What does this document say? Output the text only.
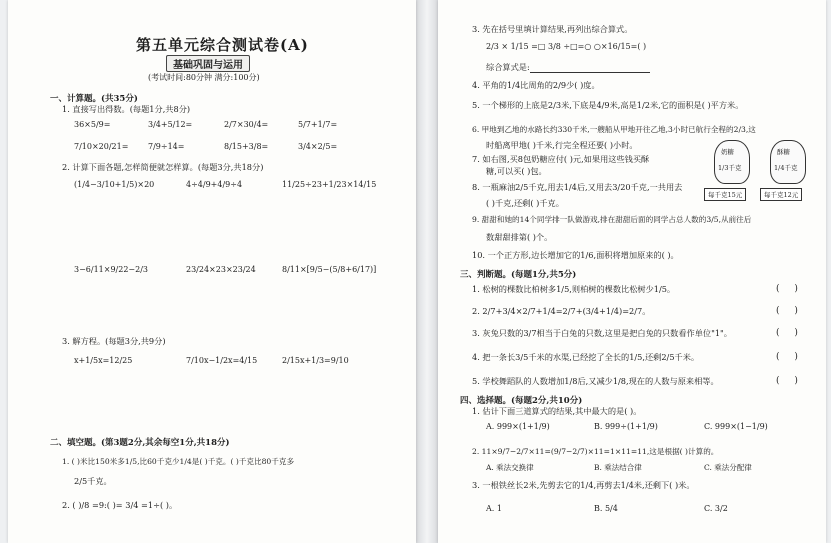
第五单元综合测试卷(A)
基础巩固与运用
(考试时间:80分钟 满分:100分)
一、计算题。(共35分)
1. 直接写出得数。(每题1分,共8分)
36×5/9=	3/4+5/12=	2/7×30/4=	5/7+1/7=
7/10×20/21= 7/9÷14=	8/15+3/8=	3/4×2/5=
2. 计算下面各题,怎样简便就怎样算。(每题3分,共18分)
(1/4−3/10+1/5)×20	4÷4/9+4/9÷4	11/25÷23+1/23×14/15
3−6/11×9/22−2/3	23/24×23×23/24	8/11×[9/5−(5/8+6/17)]
3. 解方程。(每题3分,共9分)
x+1/5x=12/25	7/10x−1/2x=4/15	2/15x+1/3=9/10
二、填空题。(第3题2分,其余每空1分,共18分)
1. ( )米比150米多1/5,比60千克少1/4是( )千克。( )千克比80千克多
2/5千克。
2. ( )/8 =9:( )= 3/4 =1÷( )。
3. 先在括号里填计算结果,再列出综合算式。
2/3 × 1/15 =□ 3/8 ÷□=○ ○×16/15=( )
综合算式是:
4. 平角的1/4比周角的2/9少( )度。
5. 一个梯形的上底是2/3米,下底是4/9米,高是1/2米,它的面积是( )平方米。
6. 甲地到乙地的水路长约330千米,一艘船从甲地开往乙地,3小时已航行全程的2/3,这
时船离甲地( )千米,行完全程还要( )小时。
7. 如右图,买8包奶糖应付( )元,如果用这些钱买酥
糖,可以买( )包。
奶糖
1/3千克
每千克15元
酥糖
1/4千克
每千克12元
8. 一瓶麻油2/5千克,用去1/4后,又用去3/20千克,一共用去
( )千克,还剩( )千克。
9. 甜甜和她的14个同学排一队做游戏,排在甜甜后面的同学占总人数的3/5,从前往后
数甜甜排第( )个。
10. 一个正方形,边长增加它的1/6,面积将增加原来的( )。
三、判断题。(每题1分,共5分)
1. 松树的棵数比柏树多1/5,则柏树的棵数比松树少1/5。	( )
2. 2/7+3/4×2/7+1/4=2/7+(3/4+1/4)=2/7。	( )
3. 灰兔只数的3/7相当于白兔的只数,这里是把白兔的只数看作单位"1"。	( )
4. 把一条长3/5千米的水渠,已经挖了全长的1/5,还剩2/5千米。	( )
5. 学校舞蹈队的人数增加1/8后,又减少1/8,现在的人数与原来相等。	( )
四、选择题。(每题2分,共10分)
1. 估计下面三道算式的结果,其中最大的是( )。
A. 999×(1+1/9)	B. 999÷(1+1/9)	C. 999×(1−1/9)
2. 11×9/7−2/7×11=(9/7−2/7)×11=1×11=11,这是根据( )计算的。
A. 乘法交换律	B. 乘法结合律	C. 乘法分配律
3. 一根铁丝长2米,先剪去它的1/4,再剪去1/4米,还剩下( )米。
A. 1	B. 5/4	C. 3/2
